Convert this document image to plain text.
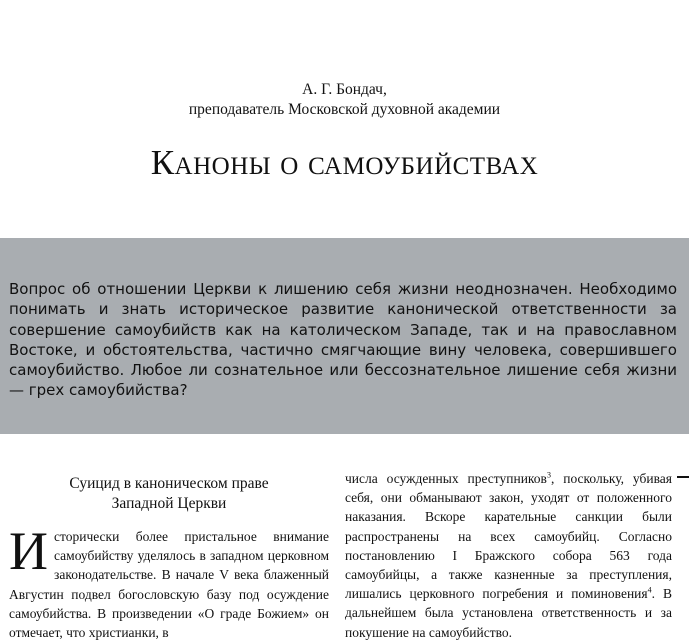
А. Г. Бондач,
преподаватель Московской духовной академии
Каноны о самоубийствах
Вопрос об отношении Церкви к лишению себя жизни неоднозначен. Необходимо понимать и знать историческое развитие канонической ответственности за совершение самоубийств как на католическом Западе, так и на православном Востоке, и обстоятельства, частично смягчающие вину человека, совершившего самоубийство. Любое ли сознательное или бессознательное лишение себя жизни — грех самоубийства?
Суицид в каноническом праве
Западной Церкви

Исторически более пристальное внимание самоубийству уделялось в западном церковном законодательстве. В начале V века блаженный Августин подвел богословскую базу под осуждение самоубийства. В произведении «О граде Божием» он отмечает, что христианки, в

числа осужденных преступников$^3$, поскольку, убивая себя, они обманывают закон, уходят от положенного наказания. Вскоре карательные санкции были распространены на всех самоубийц. Согласно постановлению I Бражского собора 563 года самоубийцы, а также казненные за преступления, лишались церковного погребения и поминовения$^4$. В дальнейшем была установлена ответственность и за покушение на самоубийство.
